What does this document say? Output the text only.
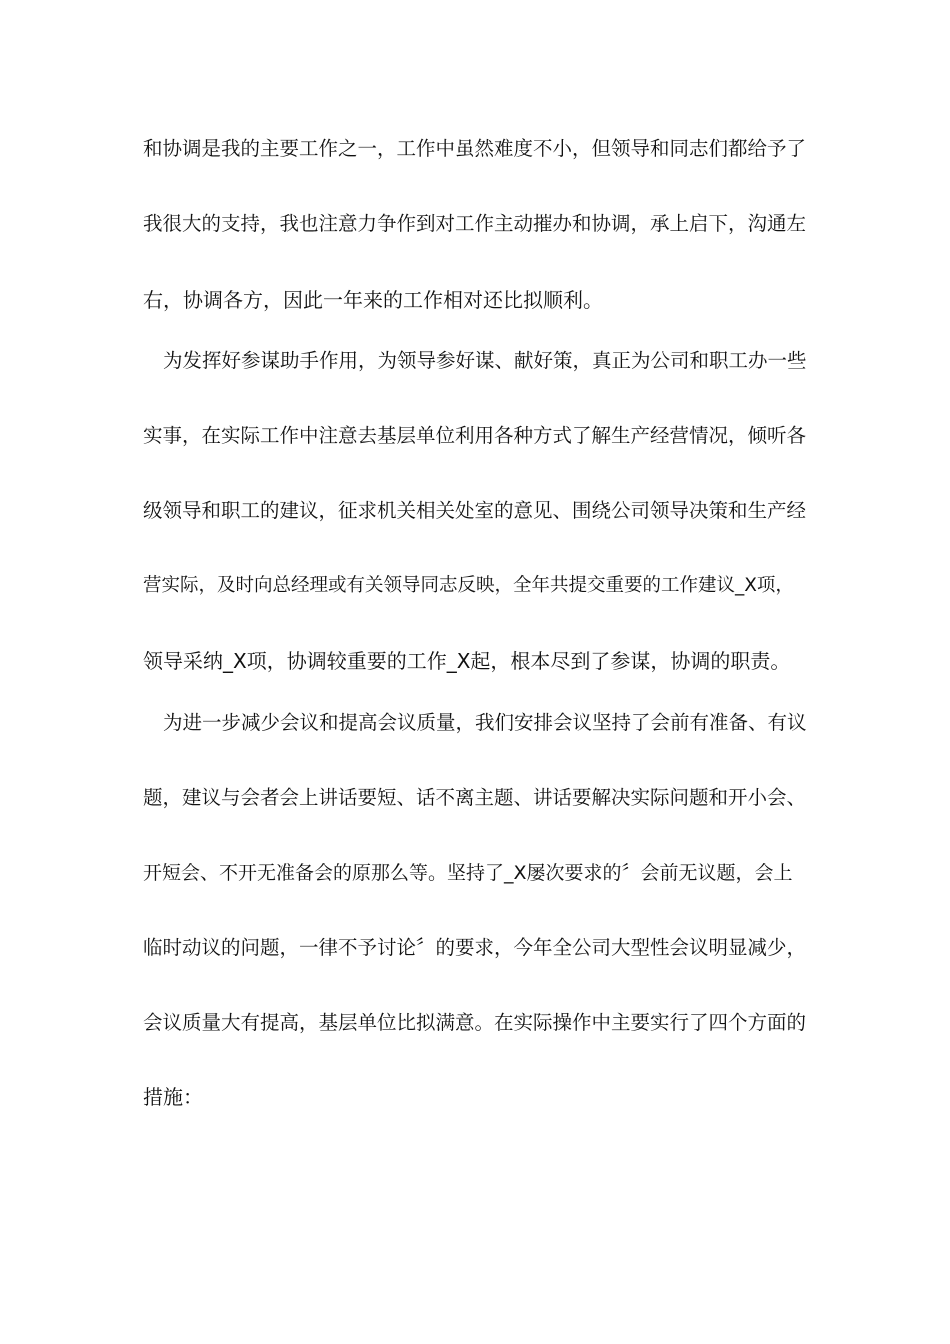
和协调是我的主要工作之一，工作中虽然难度不小，但领导和同志们都给予了
我很大的支持，我也注意力争作到对工作主动摧办和协调，承上启下，沟通左
右，协调各方，因此一年来的工作相对还比拟顺利。
为发挥好参谋助手作用，为领导参好谋、献好策，真正为公司和职工办一些
实事，在实际工作中注意去基层单位利用各种方式了解生产经营情况，倾听各
级领导和职工的建议，征求机关相关处室的意见、围绕公司领导决策和生产经
营实际，及时向总经理或有关领导同志反映，全年共提交重要的工作建议_X项，
领导采纳_X项，协调较重要的工作_X起，根本尽到了参谋，协调的职责。
为进一步减少会议和提高会议质量，我们安排会议坚持了会前有准备、有议
题，建议与会者会上讲话要短、话不离主题、讲话要解决实际问题和开小会、
开短会、不开无准备会的原那么等。坚持了_X屡次要求的〞会前无议题，会上
临时动议的问题，一律不予讨论〞的要求，今年全公司大型性会议明显减少，
会议质量大有提高，基层单位比拟满意。在实际操作中主要实行了四个方面的
措施：
